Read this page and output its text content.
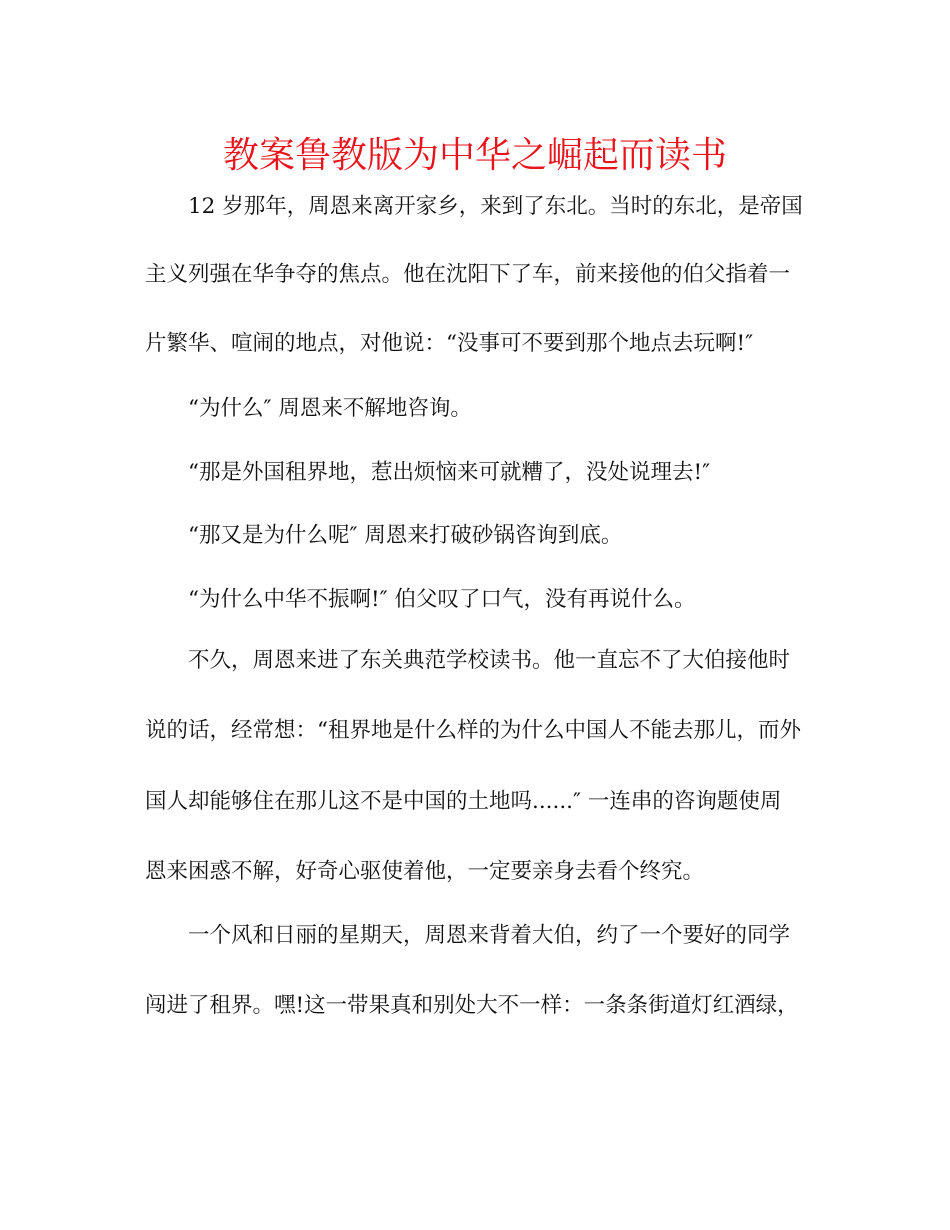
教案鲁教版为中华之崛起而读书
12 岁那年，周恩来离开家乡，来到了东北。当时的东北，是帝国
主义列强在华争夺的焦点。他在沈阳下了车，前来接他的伯父指着一
片繁华、喧闹的地点，对他说：“没事可不要到那个地点去玩啊!″
“为什么″ 周恩来不解地咨询。
“那是外国租界地，惹出烦恼来可就糟了，没处说理去!″
“那又是为什么呢″ 周恩来打破砂锅咨询到底。
“为什么中华不振啊!″ 伯父叹了口气，没有再说什么。
不久，周恩来进了东关典范学校读书。他一直忘不了大伯接他时
说的话，经常想：“租界地是什么样的为什么中国人不能去那儿，而外
国人却能够住在那儿这不是中国的土地吗......″ 一连串的咨询题使周
恩来困惑不解，好奇心驱使着他，一定要亲身去看个终究。
一个风和日丽的星期天，周恩来背着大伯，约了一个要好的同学
闯进了租界。嘿!这一带果真和别处大不一样：一条条街道灯红酒绿，
